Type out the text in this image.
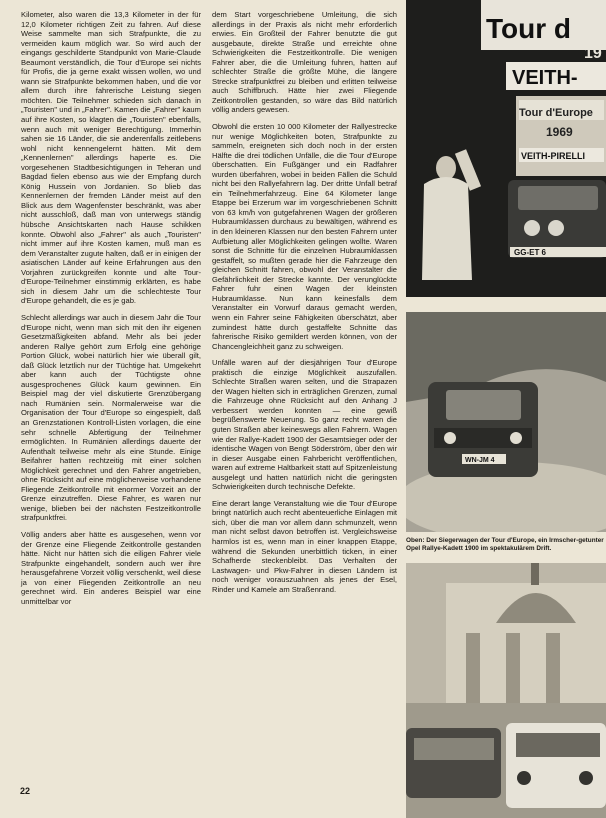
Kilometer, also waren die 13,3 Kilometer in der für 12,0 Kilometer richtigen Zeit zu fahren. Auf diese Weise sammelte man sich Strafpunkte, die zu vermeiden kaum möglich war. So wird auch der eingangs geschilderte Standpunkt von Marie-Claude Beaumont verständlich, die Tour d'Europe sei nichts für Profis, die ja gerne exakt wissen wollen, wo und wann sie Strafpunkte bekommen haben, und die vor allem durch ihre fahrerische Leistung siegen möchten. Die Teilnehmer schieden sich danach in „Touristen" und in „Fahrer". Kamen die „Fahrer" kaum auf ihre Kosten, so klagten die „Touristen" ebenfalls, wenn auch mit weniger Berechtigung. Immerhin sahen sie 16 Länder, die sie anderenfalls zeitlebens wohl nicht kennengelernt hätten. Mit dem „Kennenlernen" allerdings haperte es. Die vorgesehenen Stadtbesichtigungen in Teheran und Bagdad fielen ebenso aus wie der Empfang durch König Hussein von Jordanien. So blieb das Kennenlernen der fremden Länder meist auf den Blick aus dem Wagenfenster beschränkt, was aber nicht ausschloß, daß man von unterwegs ständig hübsche Ansichtskarten nach Hause schikken konnte. Obwohl also „Fahrer" als auch „Touristen" nicht immer auf ihre Kosten kamen, muß man es dem Veranstalter zugute halten, daß er in einigen der asiatischen Länder auf keine Erfahrungen aus den Vorjahren zurückgreifen konnte und alte Tour-d'Europe-Teilnehmer einstimmig erklärten, es habe sich in diesem Jahr um die schlechteste Tour d'Europe gehandelt, die es je gab.

Schlecht allerdings war auch in diesem Jahr die Tour d'Europe nicht, wenn man sich mit den ihr eigenen Gesetzmäßigkeiten abfand. Mehr als bei jeder anderen Rallye gehört zum Erfolg eine gehörige Portion Glück, wobei natürlich hier wie überall gilt, daß Glück letztlich nur der Tüchtige hat. Umgekehrt aber kann auch der Tüchtigste ohne ausgesprochenes Glück kaum gewinnen. Ein Beispiel mag der viel diskutierte Grenzübergang nach Rumänien sein. Normalerweise war die Organisation der Tour d'Europe so eingespielt, daß an Grenzstationen Kontroll-Listen vorlagen, die eine sehr schnelle Abfertigung der Teilnehmer ermöglichten. In Rumänien allerdings dauerte der Aufenthalt teilweise mehr als eine Stunde. Einige Beifahrer hatten rechtzeitig mit einer solchen Möglichkeit gerechnet und den Fahrer angetrieben, ohne Rücksicht auf eine möglicherweise vorhandene Fliegende Zeitkontrolle mit enormer Vorzeit an der Grenze einzutreffen. Diese Fahrer, es waren nur wenige, blieben bei der nächsten Festzeitkontrolle strafpunktfrei.

Völlig anders aber hätte es ausgesehen, wenn vor der Grenze eine Fliegende Zeitkontrolle gestanden hätte. Nicht nur hätten sich die eiligen Fahrer viele Strafpunkte eingehandelt, sondern auch wer ihre herausgefahrene Vorzeit völlig verschenkt, weil diese ja von einer Fliegenden Zeitkontrolle an neu gerechnet wird. Ein anderes Beispiel war eine unmittelbar vor

dem Start vorgeschriebene Umleitung, die sich allerdings in der Praxis als nicht mehr erforderlich erwies. Ein Großteil der Fahrer benutzte die gut ausgebaute, direkte Straße und erreichte ohne Schwierigkeiten die Festzeitkontrolle. Die wenigen Fahrer aber, die die Umleitung fuhren, hatten auf schlechter Straße die größte Mühe, die längere Strecke strafpunktfrei zu bleiben und erlitten teilweise auch Schiffbruch. Hätte hier zwei Fliegende Zeitkontrollen gestanden, so wäre das Bild natürlich völlig anders gewesen.

Obwohl die ersten 10 000 Kilometer der Rallyestrecke nur wenige Möglichkeiten boten, Strafpunkte zu sammeln, ereigneten sich doch noch in der ersten Hälfte die drei tödlichen Unfälle, die die Tour d'Europe überschatten. Ein Fußgänger und ein Radfahrer wurden überfahren, wobei in beiden Fällen die Schuld nicht bei den Rallyefahrern lag. Der dritte Unfall betraf ein Teilnehmerfahrzeug. Eine 64 Kilometer lange Etappe bei Erzerum war im vorgeschriebenen Schnitt von 63 km/h von gutgefahrenen Wagen der größeren Hubraumklassen durchaus zu bewältigen, während es in den kleineren Klassen nur den besten Fahrern unter Aufbietung aller Möglichkeiten gelingen wollte. Waren sonst die Schnitte für die einzelnen Hubraumklassen gestaffelt, so mußten gerade hier die Fahrzeuge den gleichen Schnitt fahren, obwohl der Veranstalter die Gefährlichkeit der Strecke kannte. Der verunglückte Fahrer fuhr einen Wagen der kleinsten Hubraumklasse. Nun kann keinesfalls dem Veranstalter ein Vorwurf daraus gemacht werden, wenn ein Fahrer seine Fähigkeiten überschätzt, aber zumindest hätte durch gestaffelte Schnitte das fahrerische Risiko gemildert werden können, von der Chancengleichheit ganz zu schweigen.

Unfälle waren auf der diesjährigen Tour d'Europe praktisch die einzige Möglichkeit auszufallen. Schlechte Straßen waren selten, und die Strapazen der Wagen hielten sich in erträglichen Grenzen, zumal die Fahrzeuge ohne Rücksicht auf den Anhang J verbessert werden konnten — eine gewiß begrüßenswerte Neuerung. So ganz recht waren die guten Straßen aber keineswegs allen Fahrern. Wagen wie der Rallye-Kadett 1900 der Gesamtsieger oder der identische Wagen von Bengt Söderström, über den wir in dieser Ausgabe einen Fahrbericht veröffentlichen, waren auf extreme Haltbarkeit statt auf Spitzenleistung ausgelegt und hatten natürlich nicht die geringsten Schwierigkeiten durch technische Defekte.

Eine derart lange Veranstaltung wie die Tour d'Europe bringt natürlich auch recht abenteuerliche Einlagen mit sich, über die man vor allem dann schmunzelt, wenn man nicht selbst davon betroffen ist. Vergleichsweise harmlos ist es, wenn man in einer knappen Etappe, während die Sekunden unerbittlich ticken, in einer Schafherde steckenbleibt. Das Verhalten der Lastwagen- und Pkw-Fahrer in diesen Ländern ist noch weniger vorauszuahnen als jenes der Esel, Rinder und Kamele am Straßenrand.

Tour d
19
VEITH-
Tour d'Europe
1969
VEITH-PIRELLI
GG-ET 6
WN-JM 4
Oben: Der Siegerwagen der Tour d'Europe, ein Irmscher-getunter Opel Rallye-Kadett 1900 im spektakulärem Drift.
22
